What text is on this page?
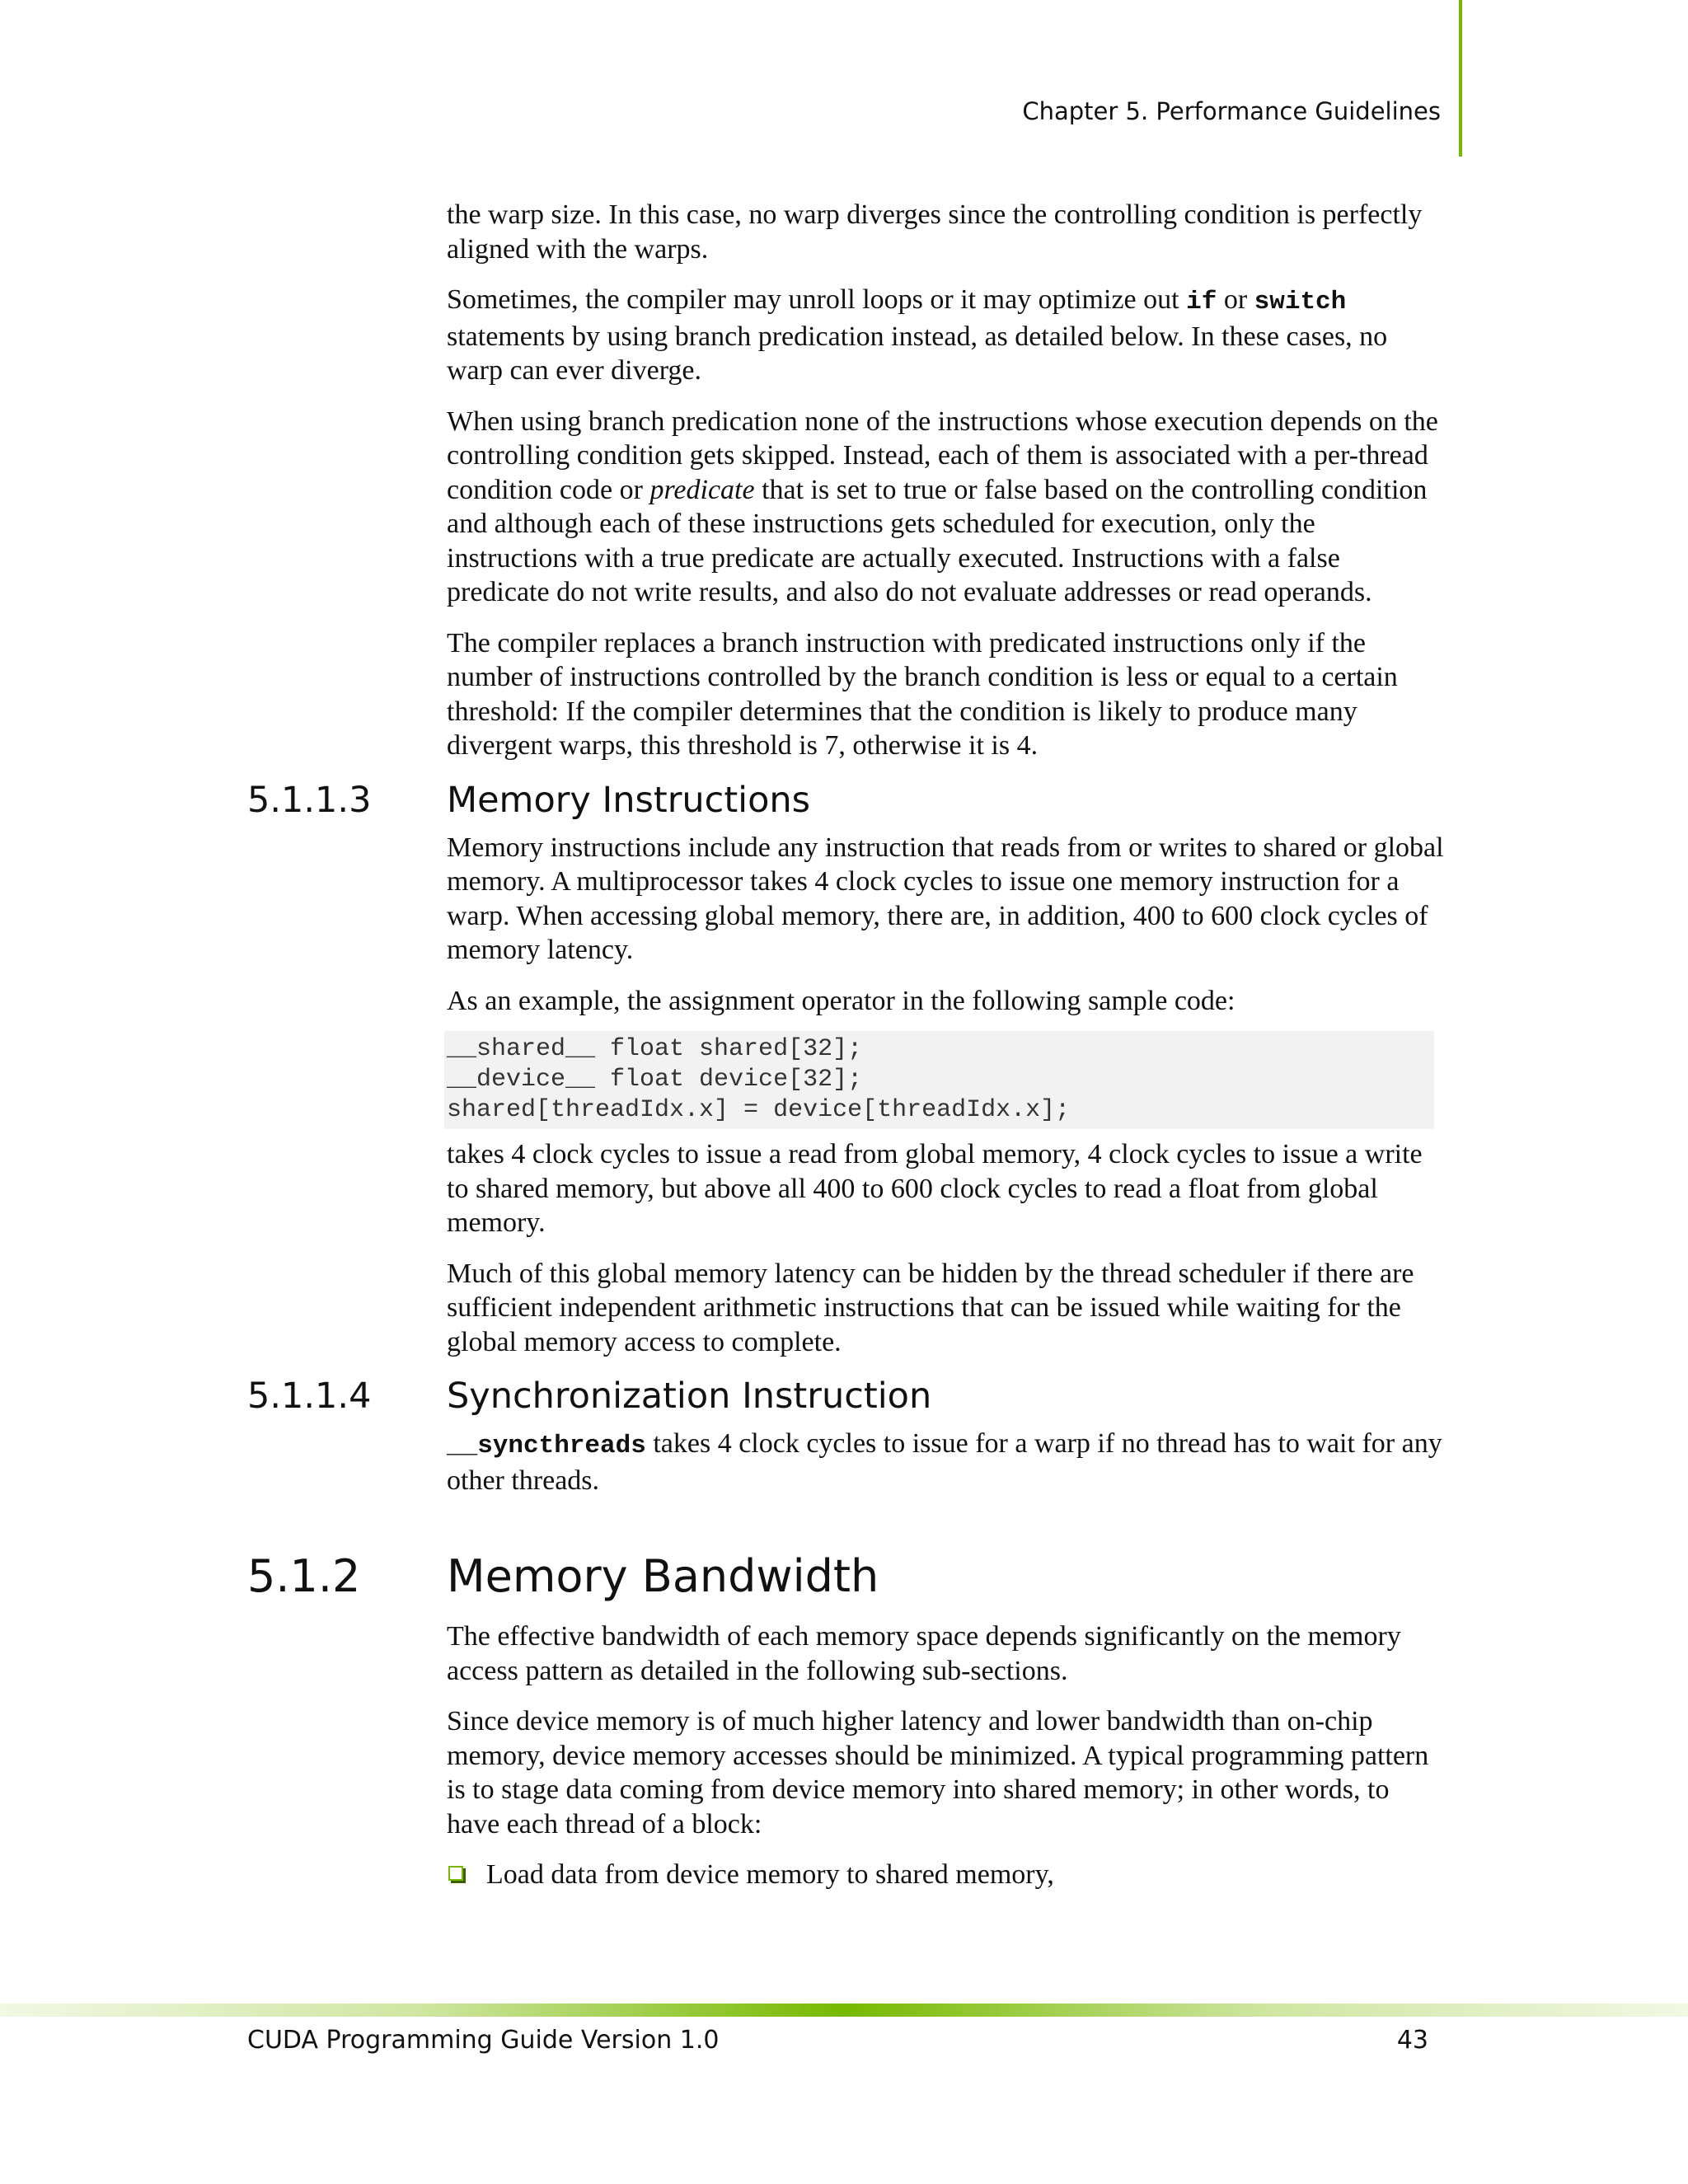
Chapter 5. Performance Guidelines

the warp size. In this case, no warp diverges since the controlling condition is perfectly aligned with the warps.

Sometimes, the compiler may unroll loops or it may optimize out if or switch statements by using branch predication instead, as detailed below. In these cases, no warp can ever diverge.

When using branch predication none of the instructions whose execution depends on the controlling condition gets skipped. Instead, each of them is associated with a per-thread condition code or predicate that is set to true or false based on the controlling condition and although each of these instructions gets scheduled for execution, only the instructions with a true predicate are actually executed. Instructions with a false predicate do not write results, and also do not evaluate addresses or read operands.

The compiler replaces a branch instruction with predicated instructions only if the number of instructions controlled by the branch condition is less or equal to a certain threshold: If the compiler determines that the condition is likely to produce many divergent warps, this threshold is 7, otherwise it is 4.

5.1.1.3 Memory Instructions

Memory instructions include any instruction that reads from or writes to shared or global memory. A multiprocessor takes 4 clock cycles to issue one memory instruction for a warp. When accessing global memory, there are, in addition, 400 to 600 clock cycles of memory latency.

As an example, the assignment operator in the following sample code:

__shared__ float shared[32];
__device__ float device[32];
shared[threadIdx.x] = device[threadIdx.x];

takes 4 clock cycles to issue a read from global memory, 4 clock cycles to issue a write to shared memory, but above all 400 to 600 clock cycles to read a float from global memory.

Much of this global memory latency can be hidden by the thread scheduler if there are sufficient independent arithmetic instructions that can be issued while waiting for the global memory access to complete.

5.1.1.4 Synchronization Instruction

__syncthreads takes 4 clock cycles to issue for a warp if no thread has to wait for any other threads.

5.1.2 Memory Bandwidth

The effective bandwidth of each memory space depends significantly on the memory access pattern as detailed in the following sub-sections.

Since device memory is of much higher latency and lower bandwidth than on-chip memory, device memory accesses should be minimized. A typical programming pattern is to stage data coming from device memory into shared memory; in other words, to have each thread of a block:

Load data from device memory to shared memory,
CUDA Programming Guide Version 1.0	43
